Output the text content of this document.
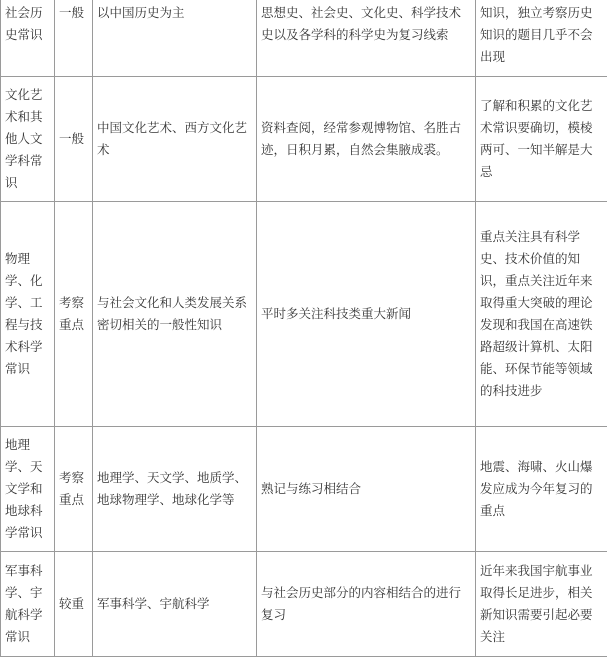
社会历史常识	一般	以中国历史为主	思想史、社会史、文化史、科学技术史以及各学科的科学史为复习线索	知识，独立考察历史知识的题目几乎不会出现
文化艺术和其他人文学科常识	一般	中国文化艺术、西方文化艺术	资料查阅，经常参观博物馆、名胜古迹，日积月累，自然会集腋成裘。	了解和积累的文化艺术常识要确切，模棱两可、一知半解是大忌
物理学、化学、工程与技术科学常识	考察重点	与社会文化和人类发展关系密切相关的一般性知识	平时多关注科技类重大新闻	重点关注具有科学史、技术价值的知识，重点关注近年来取得重大突破的理论发现和我国在高速铁路超级计算机、太阳能、环保节能等领域的科技进步
地理学、天文学和地球科学常识	考察重点	地理学、天文学、地质学、地球物理学、地球化学等	熟记与练习相结合	地震、海啸、火山爆发应成为今年复习的重点
军事科学、宇航科学常识	较重	军事科学、宇航科学	与社会历史部分的内容相结合的进行复习	近年来我国宇航事业取得长足进步，相关新知识需要引起必要关注
